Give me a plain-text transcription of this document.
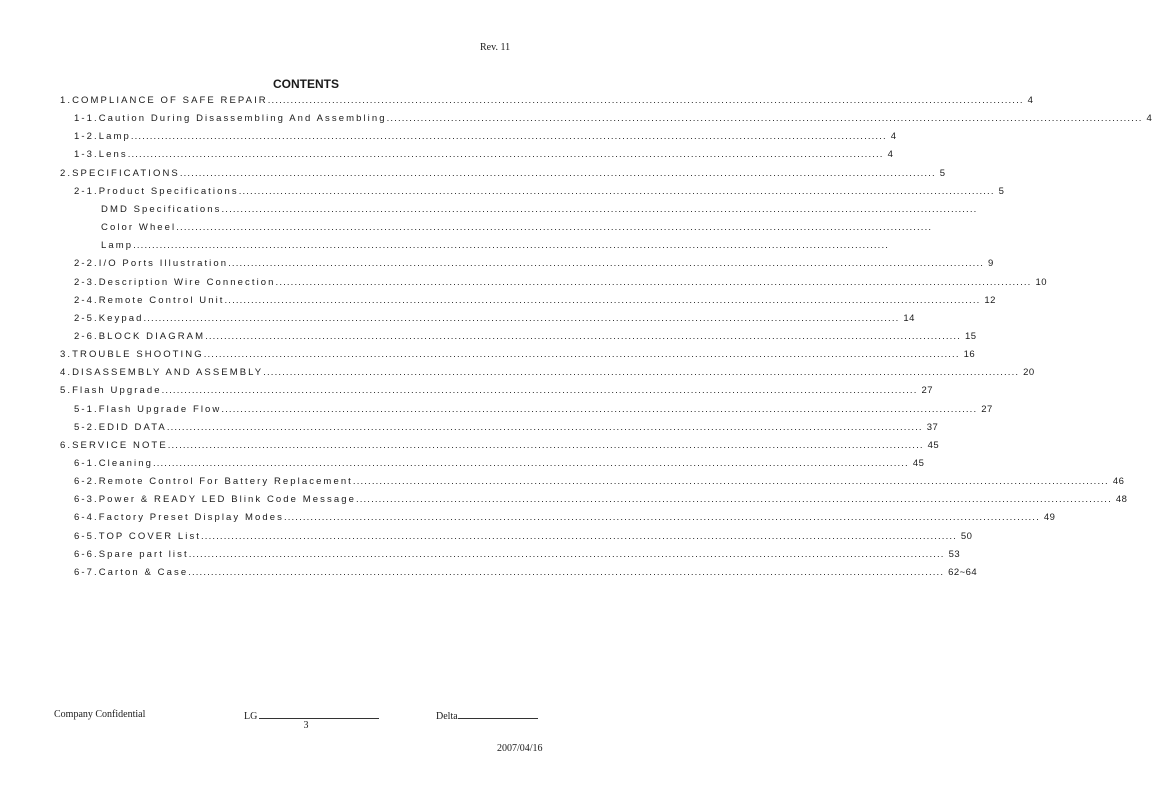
Rev. 11
CONTENTS
1.COMPLIANCE OF SAFE REPAIR ........................................................................................................................................................................................................ 4
1-1.Caution During Disassembling And Assembling ........................................................................................................................................................................................................ 4
1-2.Lamp ........................................................................................................................................................................................................ 4
1-3.Lens ........................................................................................................................................................................................................ 4
2.SPECIFICATIONS ........................................................................................................................................................................................................ 5
2-1.Product Specifications ........................................................................................................................................................................................................ 5
DMD Specifications ........................................................................................................................................................................................................
Color Wheel ........................................................................................................................................................................................................
Lamp ........................................................................................................................................................................................................
2-2.I/O Ports Illustration ........................................................................................................................................................................................................ 9
2-3.Description Wire Connection ........................................................................................................................................................................................................ 10
2-4.Remote Control Unit ........................................................................................................................................................................................................ 12
2-5.Keypad ........................................................................................................................................................................................................ 14
2-6.BLOCK DIAGRAM ........................................................................................................................................................................................................ 15
3.TROUBLE SHOOTING ........................................................................................................................................................................................................ 16
4.DISASSEMBLY AND ASSEMBLY ........................................................................................................................................................................................................ 20
5.Flash Upgrade ........................................................................................................................................................................................................ 27
5-1.Flash Upgrade Flow ........................................................................................................................................................................................................ 27
5-2.EDID DATA ........................................................................................................................................................................................................ 37
6.SERVICE NOTE ........................................................................................................................................................................................................ 45
6-1.Cleaning ........................................................................................................................................................................................................ 45
6-2.Remote Control For Battery Replacement ........................................................................................................................................................................................................ 46
6-3.Power & READY LED Blink Code Message ........................................................................................................................................................................................................ 48
6-4.Factory Preset Display Modes ........................................................................................................................................................................................................ 49
6-5.TOP COVER List ........................................................................................................................................................................................................ 50
6-6.Spare part list ........................................................................................................................................................................................................ 53
6-7.Carton & Case ........................................................................................................................................................................................................ 62~64
Company Confidential	LG	Delta
3
2007/04/16
